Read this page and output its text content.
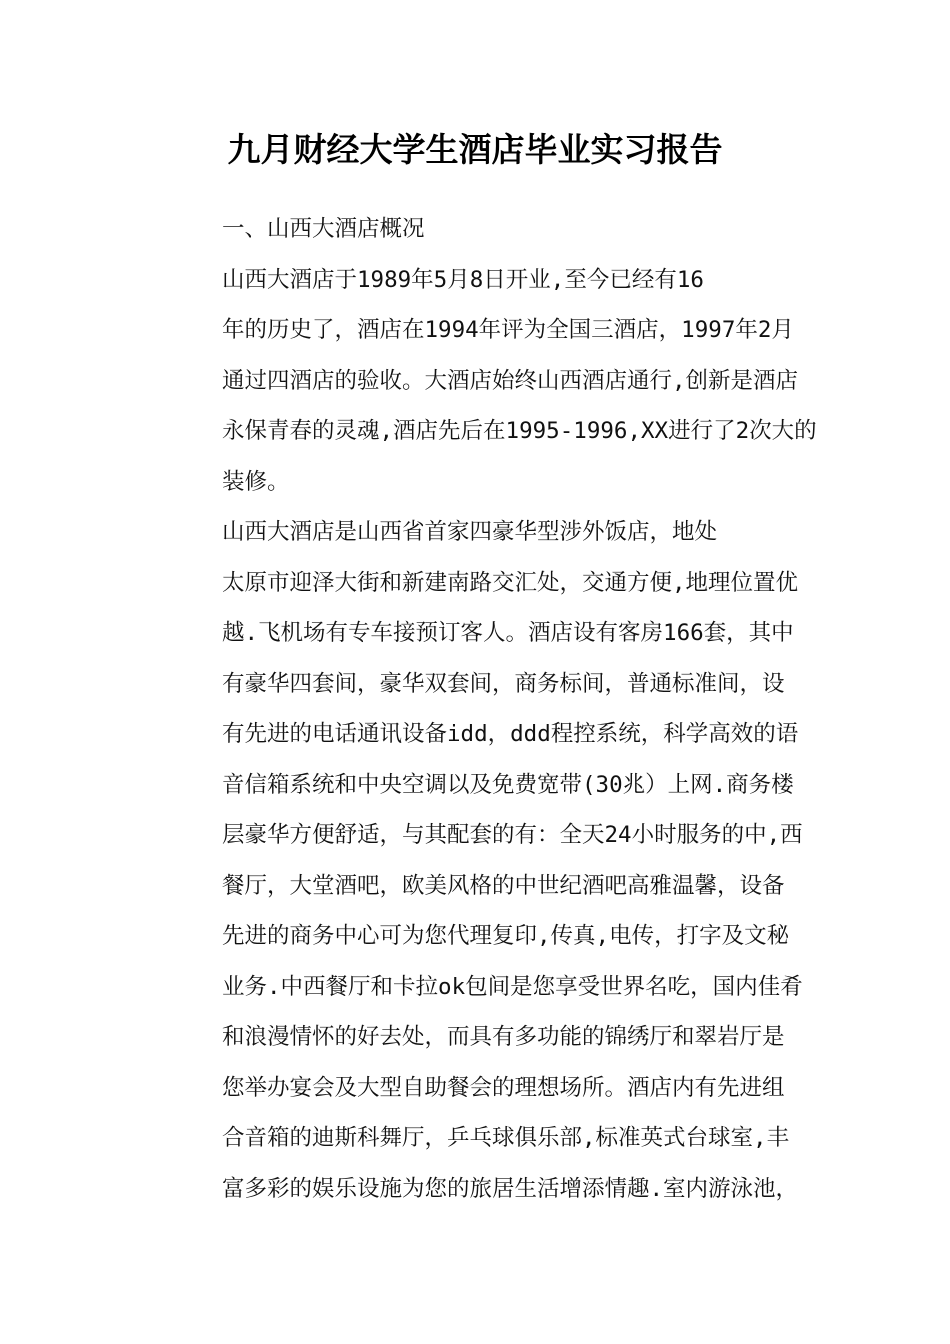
九月财经大学生酒店毕业实习报告

一、山西大酒店概况

山西大酒店于1989年5月8日开业,至今已经有16
年的历史了，酒店在1994年评为全国三酒店，1997年2月
通过四酒店的验收。大酒店始终山西酒店通行,创新是酒店
永保青春的灵魂,酒店先后在1995-1996,XX进行了2次大的
装修。

山西大酒店是山西省首家四豪华型涉外饭店，地处
太原市迎泽大街和新建南路交汇处，交通方便,地理位置优
越.飞机场有专车接预订客人。酒店设有客房166套，其中
有豪华四套间，豪华双套间，商务标间，普通标准间，设
有先进的电话通讯设备idd，ddd程控系统，科学高效的语
音信箱系统和中央空调以及免费宽带(30兆）上网.商务楼
层豪华方便舒适，与其配套的有：全天24小时服务的中,西
餐厅，大堂酒吧，欧美风格的中世纪酒吧高雅温馨，设备
先进的商务中心可为您代理复印,传真,电传，打字及文秘
业务.中西餐厅和卡拉ok包间是您享受世界名吃，国内佳肴
和浪漫情怀的好去处，而具有多功能的锦绣厅和翠岩厅是
您举办宴会及大型自助餐会的理想场所。酒店内有先进组
合音箱的迪斯科舞厅，乒乓球俱乐部,标准英式台球室,丰
富多彩的娱乐设施为您的旅居生活增添情趣.室内游泳池，
